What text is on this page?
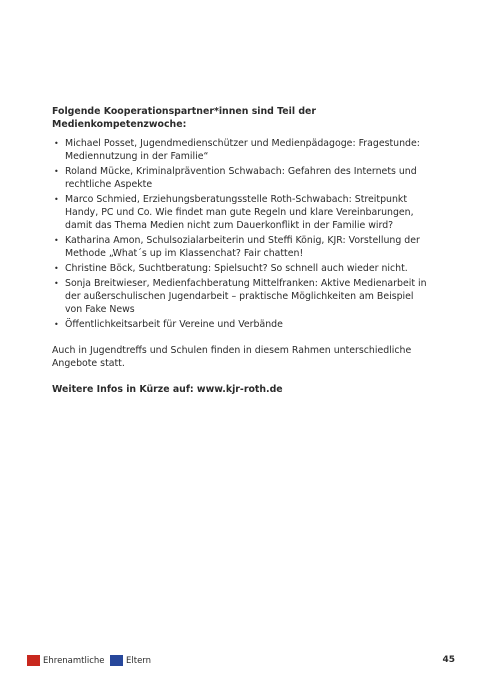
Folgende Kooperationspartner*innen sind Teil der Medienkompetenzwoche:

• Michael Posset, Jugendmedienschützer und Medienpädagoge: Fragestunde: Mediennutzung in der Familie“
• Roland Mücke, Kriminalprävention Schwabach: Gefahren des Internets und rechtliche Aspekte
• Marco Schmied, Erziehungsberatungsstelle Roth-Schwabach: Streitpunkt Handy, PC und Co. Wie findet man gute Regeln und klare Vereinbarungen, damit das Thema Medien nicht zum Dauerkonflikt in der Familie wird?
• Katharina Amon, Schulsozialarbeiterin und Steffi König, KJR: Vorstellung der Methode „What´s up im Klassenchat? Fair chatten!
• Christine Böck, Suchtberatung: Spielsucht? So schnell auch wieder nicht.
• Sonja Breitwieser, Medienfachberatung Mittelfranken: Aktive Medienarbeit in der außerschulischen Jugendarbeit – praktische Möglichkeiten am Beispiel von Fake News
• Öffentlichkeitsarbeit für Vereine und Verbände

Auch in Jugendtreffs und Schulen finden in diesem Rahmen unterschiedliche Angebote statt.

Weitere Infos in Kürze auf: www.kjr-roth.de

Ehrenamtliche	Eltern	45
